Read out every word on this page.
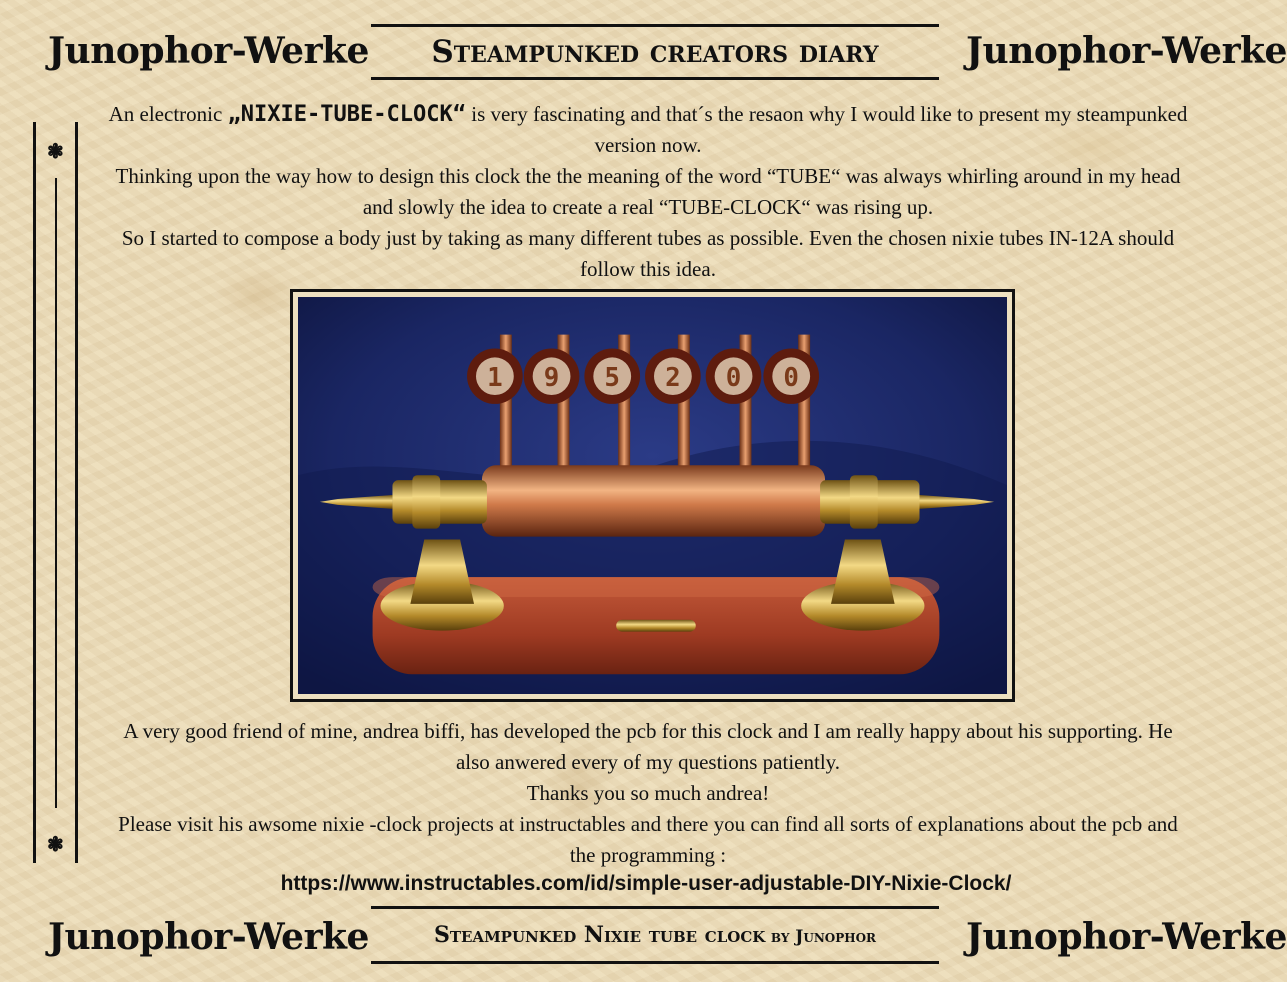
Junophor-Werke	Steampunked creators diary	Junophor-Werke
❃
❃

An electronic „NIXIE-TUBE-CLOCK“ is very fascinating and that´s the resaon why I would like to present my steampunked version now.

Thinking upon the way how to design this clock the the meaning of the word “TUBE“ was always whirling around in my head and slowly the idea to create a real “TUBE-CLOCK“ was rising up.

So I started to compose a body just by taking as many different tubes as possible. Even the chosen nixie tubes IN-12A should follow this idea.

1 9 5 2 0 0

A very good friend of mine, andrea biffi, has developed the pcb for this clock and I am really happy about his supporting. He also anwered every of my questions patiently.

Thanks you so much andrea!

Please visit his awsome nixie -clock projects at instructables and there you can find all sorts of explanations about the pcb and the programming :

https://www.instructables.com/id/simple-user-adjustable-DIY-Nixie-Clock/
Junophor-Werke	Steampunked Nixie tube clock by Junophor	Junophor-Werke
